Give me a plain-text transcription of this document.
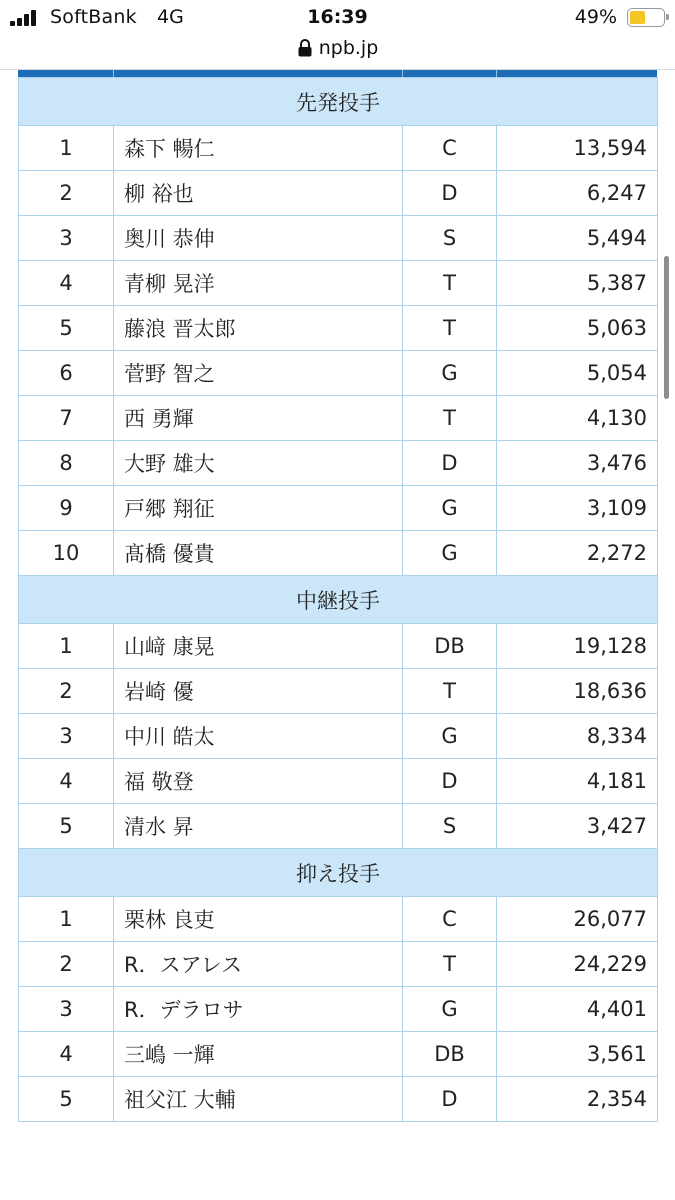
SoftBank 4G	16:39	49%
npb.jp
先発投手			
1	森下 暢仁	C	13,594
2	柳 裕也	D	6,247
3	奥川 恭伸	S	5,494
4	青柳 晃洋	T	5,387
5	藤浪 晋太郎	T	5,063
6	菅野 智之	G	5,054
7	西 勇輝	T	4,130
8	大野 雄大	D	3,476
9	戸郷 翔征	G	3,109
10	髙橋 優貴	G	2,272
中継投手			
1	山﨑 康晃	DB	19,128
2	岩崎 優	T	18,636
3	中川 皓太	G	8,334
4	福 敬登	D	4,181
5	清水 昇	S	3,427
抑え投手			
1	栗林 良吏	C	26,077
2	R．スアレス	T	24,229
3	R．デラロサ	G	4,401
4	三嶋 一輝	DB	3,561
5	祖父江 大輔	D	2,354
